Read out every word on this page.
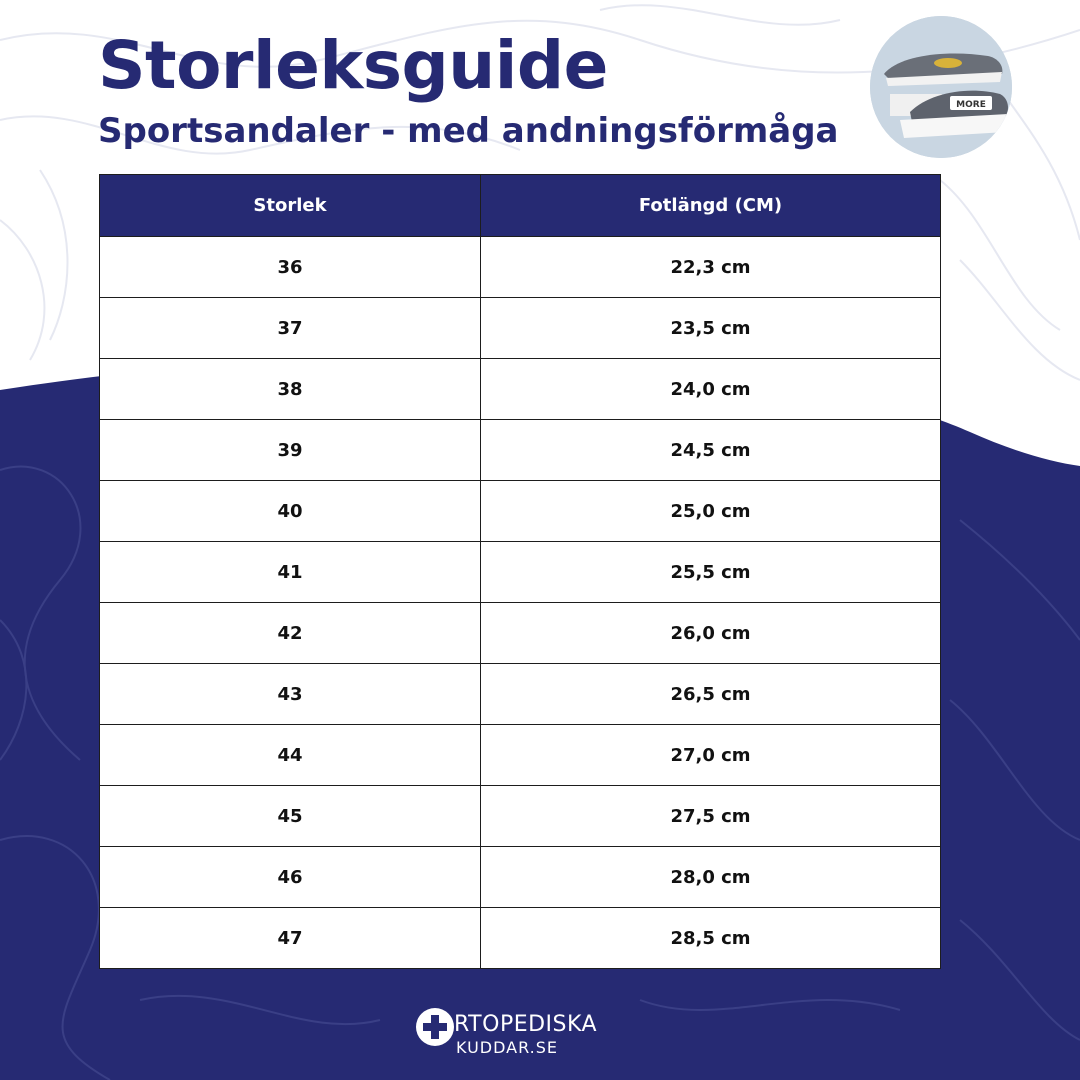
Storleksguide
Sportsandaler - med andningsförmåga
MORE
Storlek	Fotlängd (CM)
36	22,3 cm
37	23,5 cm
38	24,0 cm
39	24,5 cm
40	25,0 cm
41	25,5 cm
42	26,0 cm
43	26,5 cm
44	27,0 cm
45	27,5 cm
46	28,0 cm
47	28,5 cm

RTOPEDISKA

KUDDAR.SE
